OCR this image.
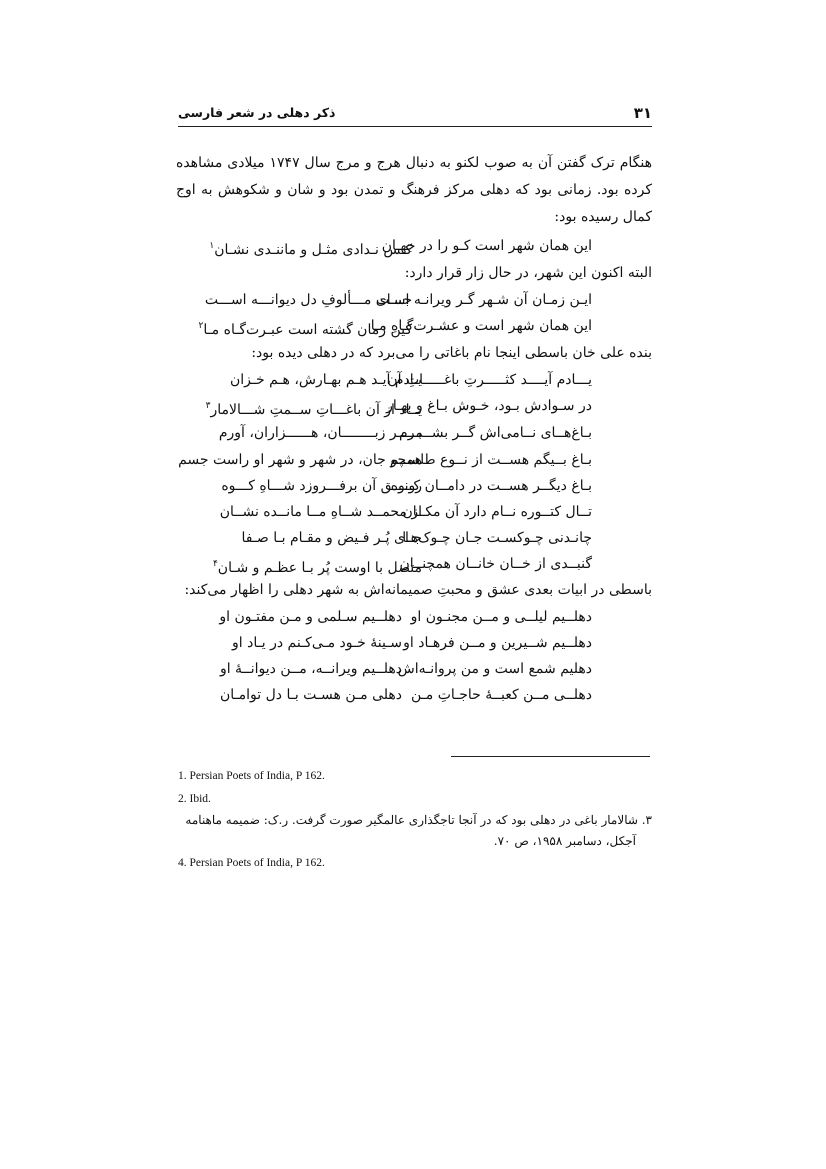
۳۱
ذکر دهلی در شعر فارسی
هنگام ترک گفتن آن به صوب لکنو به دنبال هرج و مرج سال ۱۷۴۷ میلادی مشاهده
کرده بود. زمانی بود که دهلی مرکز فرهنگ و تمدن بود و شان و شکوهش به اوج
کمال رسیده بود:
این همان شهر است کـو را در جهـان
کـس نـدادی مثـل و ماننـدی نشـان$^۱$
البته اکنون این شهر، در حال زار قرار دارد:
ایـن زمـان آن شـهر گـر ویرانـه اسـت
جـــای مـــألوفِ دل دیوانـــه اســـت
این همان شهر است و عشـرت‌گـاهِ مـا
کین زمان گشته است عبـرت‌گـاه مـا$^۲$
بنده علی خان باسطی اینجا نام باغاتی را می‌برد که در دهلی دیده بود:
یـــادم آیــــد کثـــــرتِ باغـــــاتِ آن
یـادم آیـد هـم بهـارش، هـم خـزان
در سـوادش بـود، خـوش بـاغ و بهـار
یــاد از آن باغـــاتِ ســمتِ شـــالامار$^۳$
بـاغ‌هــای نــامی‌اش گــر بشــمرم
بـــــر زبــــــــان، هــــــزاران، آورم
بـاغ بــیگم هســت از نــوع طلســم
همچو جان، در شهر و شهر او راست جسم
بـاغ دیگــر هســت در دامــان کــوه
رونـــق آن برفـــروزد شـــاهِ کـــوه
تــال کتــوره نــام دارد آن مکــان
از محمــد شــاهِ مــا مانــده نشــان
چانـدنی چـوکسـت جـان چـوک‌هـا
جـای پُـر فـیض و مقـام بـا صـفا
گنبــدی از خــان خانــان همچنــان
متصل با اوست پُر بـا عظـم و شـان$^۴$
باسطی در ابیات بعدی عشق و محبتِ صمیمانه‌اش به شهر دهلی را اظهار می‌کند:
دهلــیم لیلــی و مــن مجنـون او
دهلــیم سـلمی و مـن مفتـون او
دهلــیم شــیرین و مــن فرهـاد او
سـینۀ خـود مـی‌کـنم در یـاد او
دهلیم شمع است و من پروانـه‌اش
دهلــیم ویرانــه، مــن دیوانــۀ او
دهلــی مــن کعبــۀ حاجـاتِ مـن
دهلی مـن هسـت بـا دل توامـان
1. Persian Poets of India, P 162.
2. Ibid.
۳. شالامار باغی در دهلی بود که در آنجا تاجگذاری عالمگیر صورت گرفت. ر.ک: ضمیمه ماهنامه
آجکل، دسامبر ۱۹۵۸، ص ۷۰.
4. Persian Poets of India, P 162.
